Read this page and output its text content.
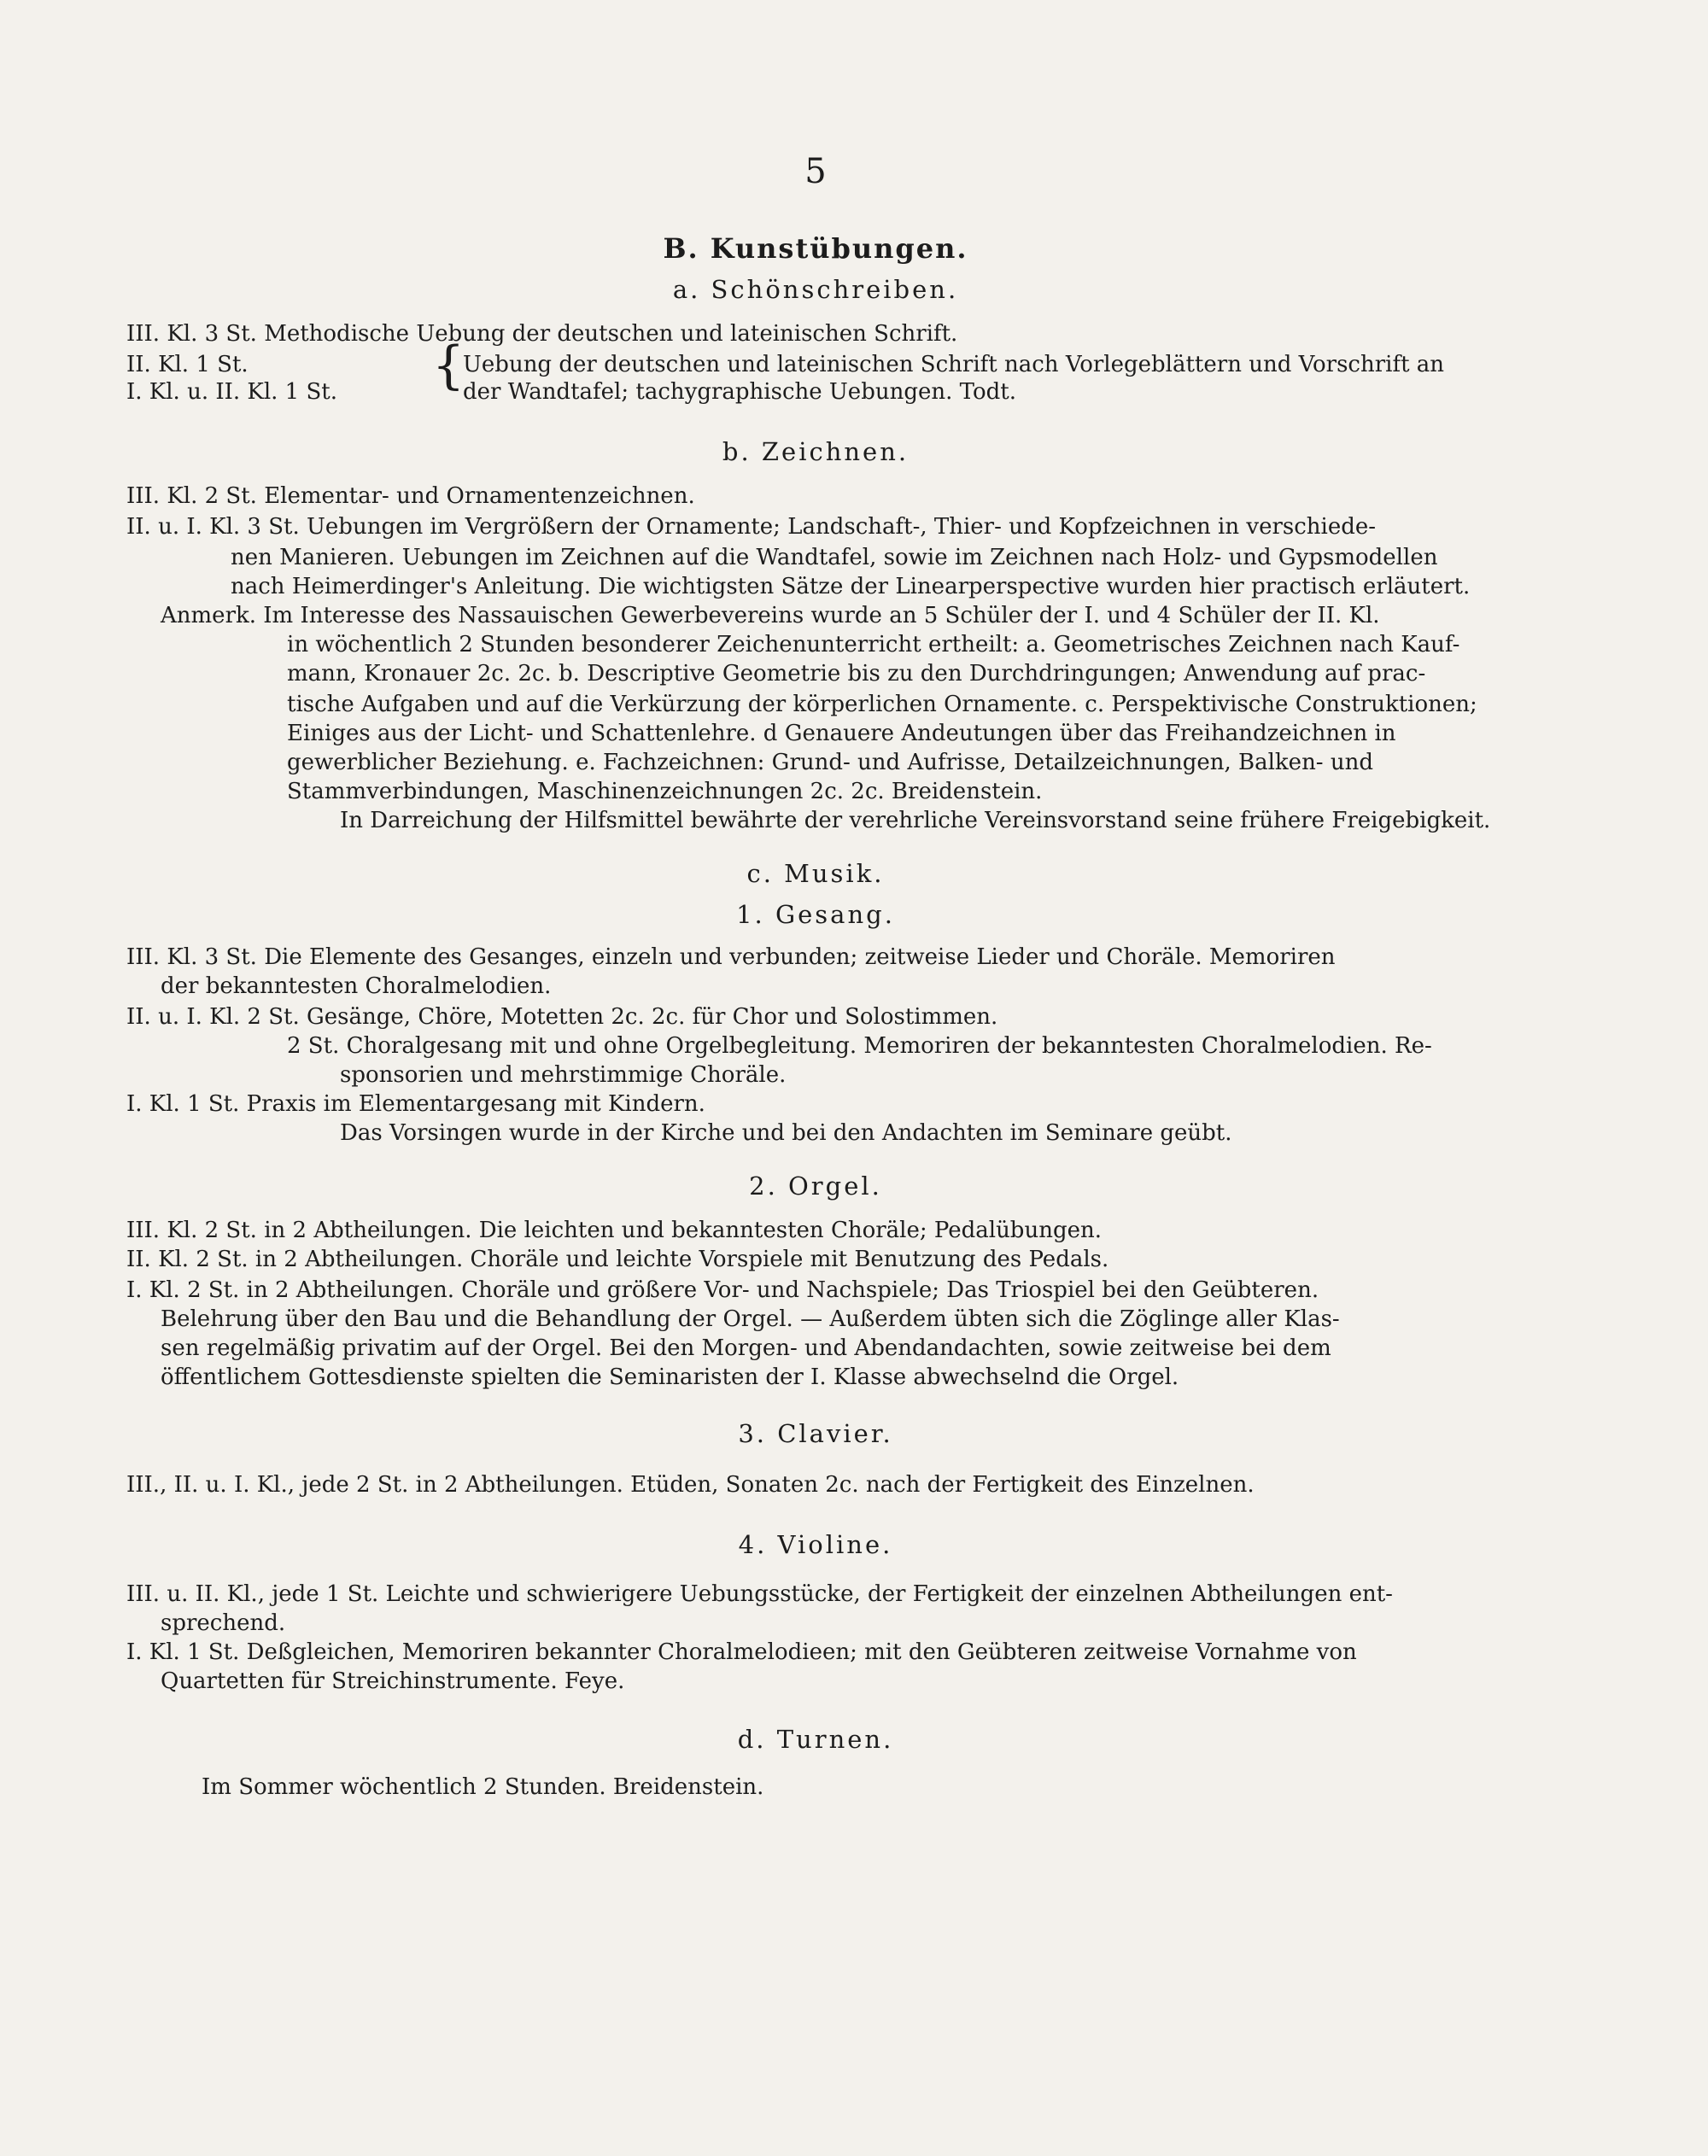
5
B. Kunstübungen.
a. Schönschreiben.
III. Kl. 3 St. Methodische Uebung der deutschen und lateinischen Schrift.
II. Kl. 1 St.	{
Uebung der deutschen und lateinischen Schrift nach Vorlegeblättern und Vorschrift an
I. Kl. u. II. Kl. 1 St.	der Wandtafel; tachygraphische Uebungen. Todt.
b. Zeichnen.
III. Kl. 2 St. Elementar- und Ornamentenzeichnen.
II. u. I. Kl. 3 St. Uebungen im Vergrößern der Ornamente; Landschaft-, Thier- und Kopfzeichnen in verschiede-
nen Manieren. Uebungen im Zeichnen auf die Wandtafel, sowie im Zeichnen nach Holz- und Gypsmodellen
nach Heimerdinger's Anleitung. Die wichtigsten Sätze der Linearperspective wurden hier practisch erläutert.
Anmerk. Im Interesse des Nassauischen Gewerbevereins wurde an 5 Schüler der I. und 4 Schüler der II. Kl.
in wöchentlich 2 Stunden besonderer Zeichenunterricht ertheilt: a. Geometrisches Zeichnen nach Kauf-
mann, Kronauer 2c. 2c. b. Descriptive Geometrie bis zu den Durchdringungen; Anwendung auf prac-
tische Aufgaben und auf die Verkürzung der körperlichen Ornamente. c. Perspektivische Construktionen;
Einiges aus der Licht- und Schattenlehre. d Genauere Andeutungen über das Freihandzeichnen in
gewerblicher Beziehung. e. Fachzeichnen: Grund- und Aufrisse, Detailzeichnungen, Balken- und
Stammverbindungen, Maschinenzeichnungen 2c. 2c. Breidenstein.
In Darreichung der Hilfsmittel bewährte der verehrliche Vereinsvorstand seine frühere Freigebigkeit.
c. Musik.
1. Gesang.
III. Kl. 3 St. Die Elemente des Gesanges, einzeln und verbunden; zeitweise Lieder und Choräle. Memoriren
der bekanntesten Choralmelodien.
II. u. I. Kl. 2 St. Gesänge, Chöre, Motetten 2c. 2c. für Chor und Solostimmen.
2 St. Choralgesang mit und ohne Orgelbegleitung. Memoriren der bekanntesten Choralmelodien. Re-
sponsorien und mehrstimmige Choräle.
I. Kl. 1 St. Praxis im Elementargesang mit Kindern.
Das Vorsingen wurde in der Kirche und bei den Andachten im Seminare geübt.
2. Orgel.
III. Kl. 2 St. in 2 Abtheilungen. Die leichten und bekanntesten Choräle; Pedalübungen.
II. Kl. 2 St. in 2 Abtheilungen. Choräle und leichte Vorspiele mit Benutzung des Pedals.
I. Kl. 2 St. in 2 Abtheilungen. Choräle und größere Vor- und Nachspiele; Das Triospiel bei den Geübteren.
Belehrung über den Bau und die Behandlung der Orgel. — Außerdem übten sich die Zöglinge aller Klas-
sen regelmäßig privatim auf der Orgel. Bei den Morgen- und Abendandachten, sowie zeitweise bei dem
öffentlichem Gottesdienste spielten die Seminaristen der I. Klasse abwechselnd die Orgel.
3. Clavier.
III., II. u. I. Kl., jede 2 St. in 2 Abtheilungen. Etüden, Sonaten 2c. nach der Fertigkeit des Einzelnen.
4. Violine.
III. u. II. Kl., jede 1 St. Leichte und schwierigere Uebungsstücke, der Fertigkeit der einzelnen Abtheilungen ent-
sprechend.
I. Kl. 1 St. Deßgleichen, Memoriren bekannter Choralmelodieen; mit den Geübteren zeitweise Vornahme von
Quartetten für Streichinstrumente. Feye.
d. Turnen.
Im Sommer wöchentlich 2 Stunden. Breidenstein.
